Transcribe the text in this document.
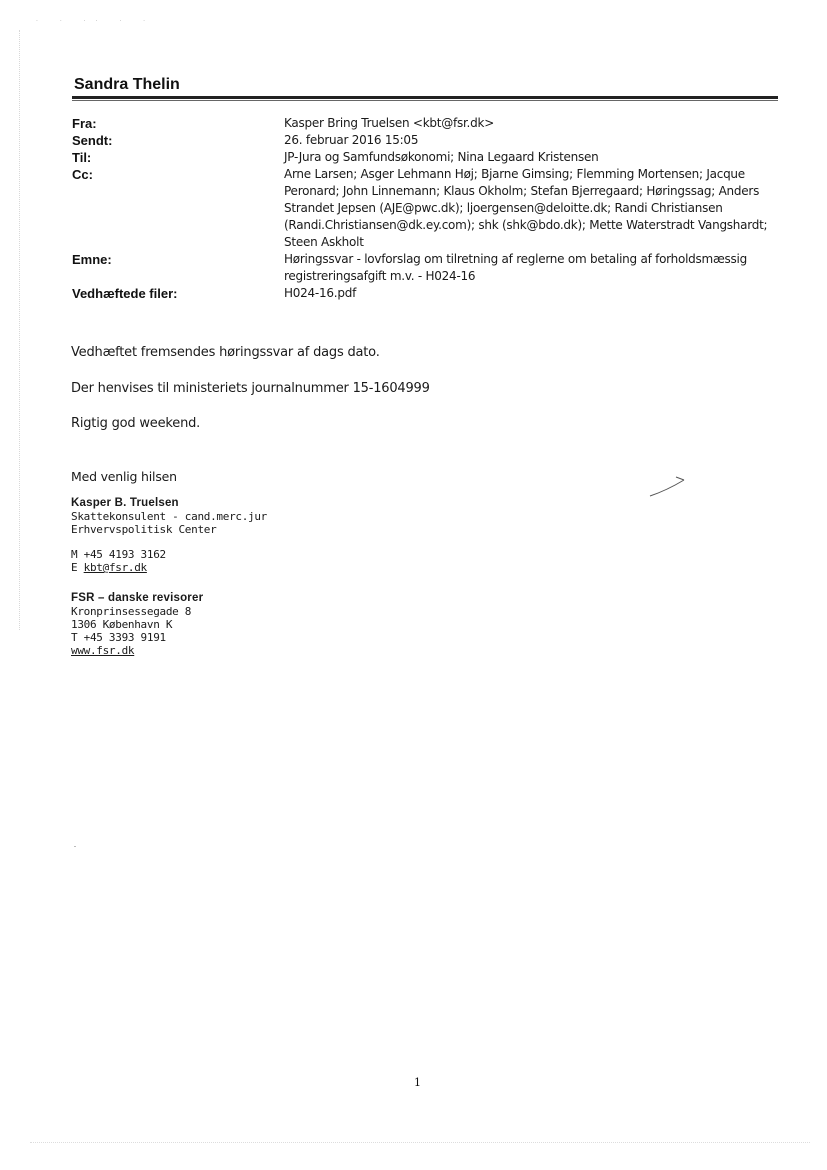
· · ·· · ·
Sandra Thelin
Fra:	Kasper Bring Truelsen <kbt@fsr.dk>
Sendt:	26. februar 2016 15:05
Til:	JP-Jura og Samfundsøkonomi; Nina Legaard Kristensen
Cc:	Arne Larsen; Asger Lehmann Høj; Bjarne Gimsing; Flemming Mortensen; Jacque
Peronard; John Linnemann; Klaus Okholm; Stefan Bjerregaard; Høringssag; Anders
Strandet Jepsen (AJE@pwc.dk); ljoergensen@deloitte.dk; Randi Christiansen
(Randi.Christiansen@dk.ey.com); shk (shk@bdo.dk); Mette Waterstradt Vangshardt;
Steen Askholt
Emne:	Høringssvar - lovforslag om tilretning af reglerne om betaling af forholdsmæssig
registreringsafgift m.v. - H024-16
Vedhæftede filer:	H024-16.pdf
Vedhæftet fremsendes høringssvar af dags dato.
Der henvises til ministeriets journalnummer 15-1604999
Rigtig god weekend.
Med venlig hilsen
Kasper B. Truelsen
Skattekonsulent - cand.merc.jur
Erhvervspolitisk Center
M +45 4193 3162
E kbt@fsr.dk
FSR – danske revisorer
Kronprinsessegade 8
1306 København K
T +45 3393 9191
www.fsr.dk
1
